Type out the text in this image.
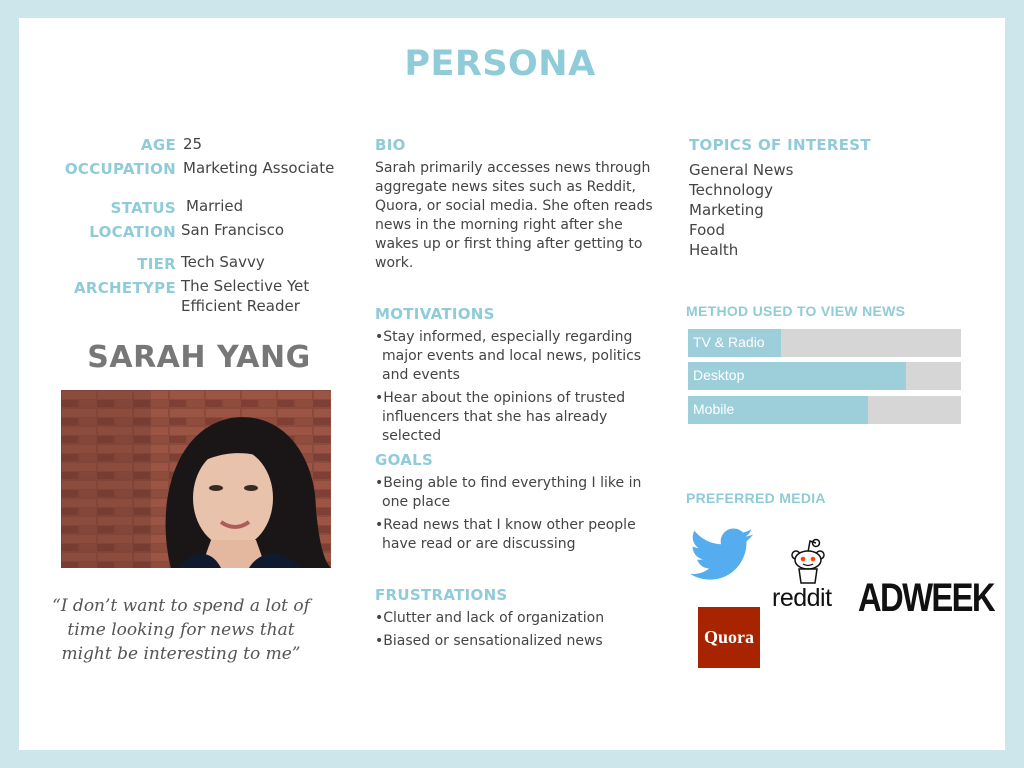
PERSONA
AGE 25
OCCUPATION Marketing Associate
STATUS Married
LOCATION San Francisco
TIER Tech Savvy
ARCHETYPE The Selective Yet
Efficient Reader
SARAH YANG
“I don’t want to spend a lot of
time looking for news that
might be interesting to me”
BIO
Sarah primarily accesses news through
aggregate news sites such as Reddit,
Quora, or social media. She often reads
news in the morning right after she
wakes up or first thing after getting to
work.
MOTIVATIONS
• Stay informed, especially regarding major events and local news, politics and events
• Hear about the opinions of trusted influencers that she has already selected
GOALS
• Being able to find everything I like in one place
• Read news that I know other people have read or are discussing
FRUSTRATIONS
• Clutter and lack of organization
• Biased or sensationalized news
TOPICS OF INTEREST
General News
Technology
Marketing
Food
Health
METHOD USED TO VIEW NEWS
TV & Radio
Desktop
Mobile
PREFERRED MEDIA
reddit ADWEEK
Quora
